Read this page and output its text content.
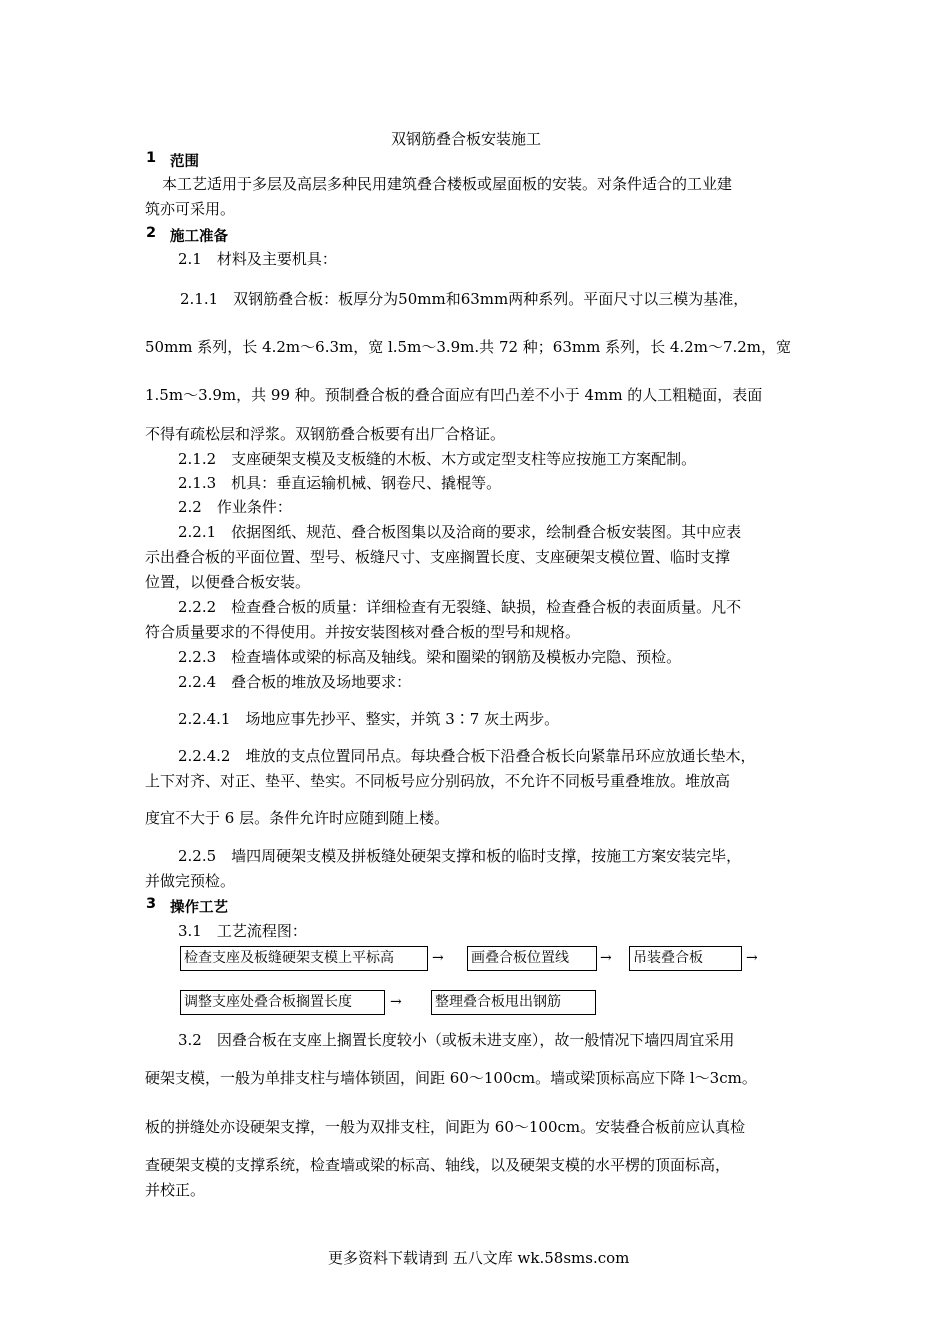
双钢筋叠合板安装施工
1 范围
本工艺适用于多层及高层多种民用建筑叠合楼板或屋面板的安装。对条件适合的工业建
筑亦可采用。
2 施工准备
2.1　材料及主要机具：
2.1.1　双钢筋叠合板：板厚分为50mm和63mm两种系列。平面尺寸以三模为基准，
50mm 系列，长 4.2m～6.3m，宽 l.5m～3.9m.共 72 种；63mm 系列，长 4.2m～7.2m，宽
1.5m～3.9m，共 99 种。预制叠合板的叠合面应有凹凸差不小于 4mm 的人工粗糙面，表面
不得有疏松层和浮浆。双钢筋叠合板要有出厂合格证。
2.1.2　支座硬架支模及支板缝的木板、木方或定型支柱等应按施工方案配制。
2.1.3　机具：垂直运输机械、钢卷尺、撬棍等。
2.2　作业条件：
2.2.1　依据图纸、规范、叠合板图集以及洽商的要求，绘制叠合板安装图。其中应表
示出叠合板的平面位置、型号、板缝尺寸、支座搁置长度、支座硬架支模位置、临时支撑
位置，以便叠合板安装。
2.2.2　检查叠合板的质量：详细检查有无裂缝、缺损，检查叠合板的表面质量。凡不
符合质量要求的不得使用。并按安装图核对叠合板的型号和规格。
2.2.3　检查墙体或梁的标高及轴线。梁和圈梁的钢筋及模板办完隐、预检。
2.2.4　叠合板的堆放及场地要求：
2.2.4.1　场地应事先抄平、整实，并筑 3∶7 灰土两步。
2.2.4.2　堆放的支点位置同吊点。每块叠合板下沿叠合板长向紧靠吊环应放通长垫木，
上下对齐、对正、垫平、垫实。不同板号应分别码放，不允许不同板号重叠堆放。堆放高
度宜不大于 6 层。条件允许时应随到随上楼。
2.2.5　墙四周硬架支模及拼板缝处硬架支撑和板的临时支撑，按施工方案安装完毕，
并做完预检。
3 操作工艺
3.1　工艺流程图：
检查支座及板缝硬架支模上平标高	→ 画叠合板位置线	→ 吊装叠合板	→
调整支座处叠合板搁置长度	→ 整理叠合板甩出钢筋
3.2　因叠合板在支座上搁置长度较小（或板未进支座），故一般情况下墙四周宜采用
硬架支模，一般为单排支柱与墙体锁固，间距 60～100cm。墙或梁顶标高应下降 l～3cm。
板的拼缝处亦设硬架支撑，一般为双排支柱，间距为 60～100cm。安装叠合板前应认真检
查硬架支模的支撑系统，检查墙或梁的标高、轴线，以及硬架支模的水平楞的顶面标高，
并校正。
更多资料下载请到 五八文库 wk.58sms.com
